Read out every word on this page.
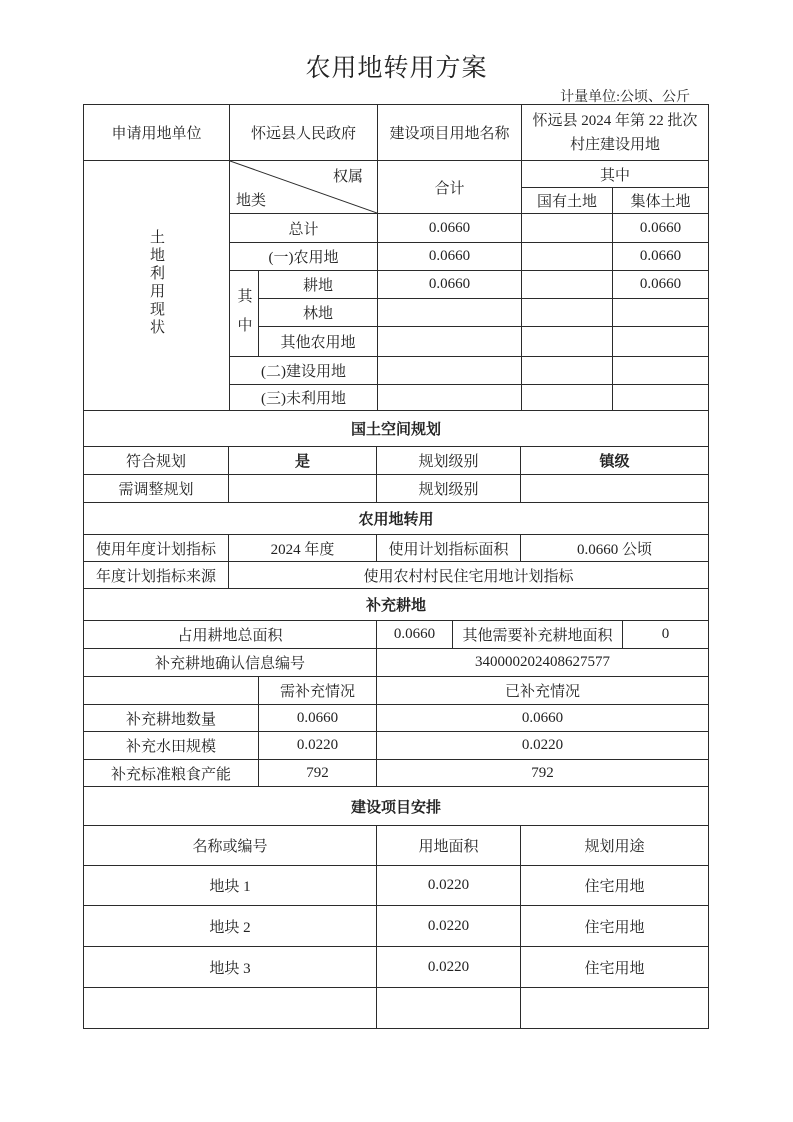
农用地转用方案
计量单位:公顷、公斤
申请用地单位	怀远县人民政府		建设项目用地名称	怀远县 2024 年第 22 批次
村庄建设用地	

土地利用现状	权属
地类		合计	其中	
				国有土地	集体土地
	总计		0.0660		0.0660
	(一)农用地		0.0660		0.0660
	其中	耕地	0.0660		0.0660
		林地			
		其他农用地			
	(二)建设用地				
	(三)未利用地				
国土空间规划			
符合规划	是	规划级别	镇级
需调整规划		规划级别	
农用地转用			
使用年度计划指标	2024 年度	使用计划指标面积	0.0660 公顷
年度计划指标来源	使用农村村民住宅用地计划指标		
补充耕地				
占用耕地总面积		0.0660	其他需要补充耕地面积	0
补充耕地确认信息编号		340000202408627577		
	需补充情况	已补充情况		
补充耕地数量	0.0660	0.0660		
补充水田规模	0.0220	0.0220		
补充标准粮食产能	792	792		
建设项目安排		
名称或编号	用地面积	规划用途
地块 1	0.0220	住宅用地
地块 2	0.0220	住宅用地
地块 3	0.0220	住宅用地
